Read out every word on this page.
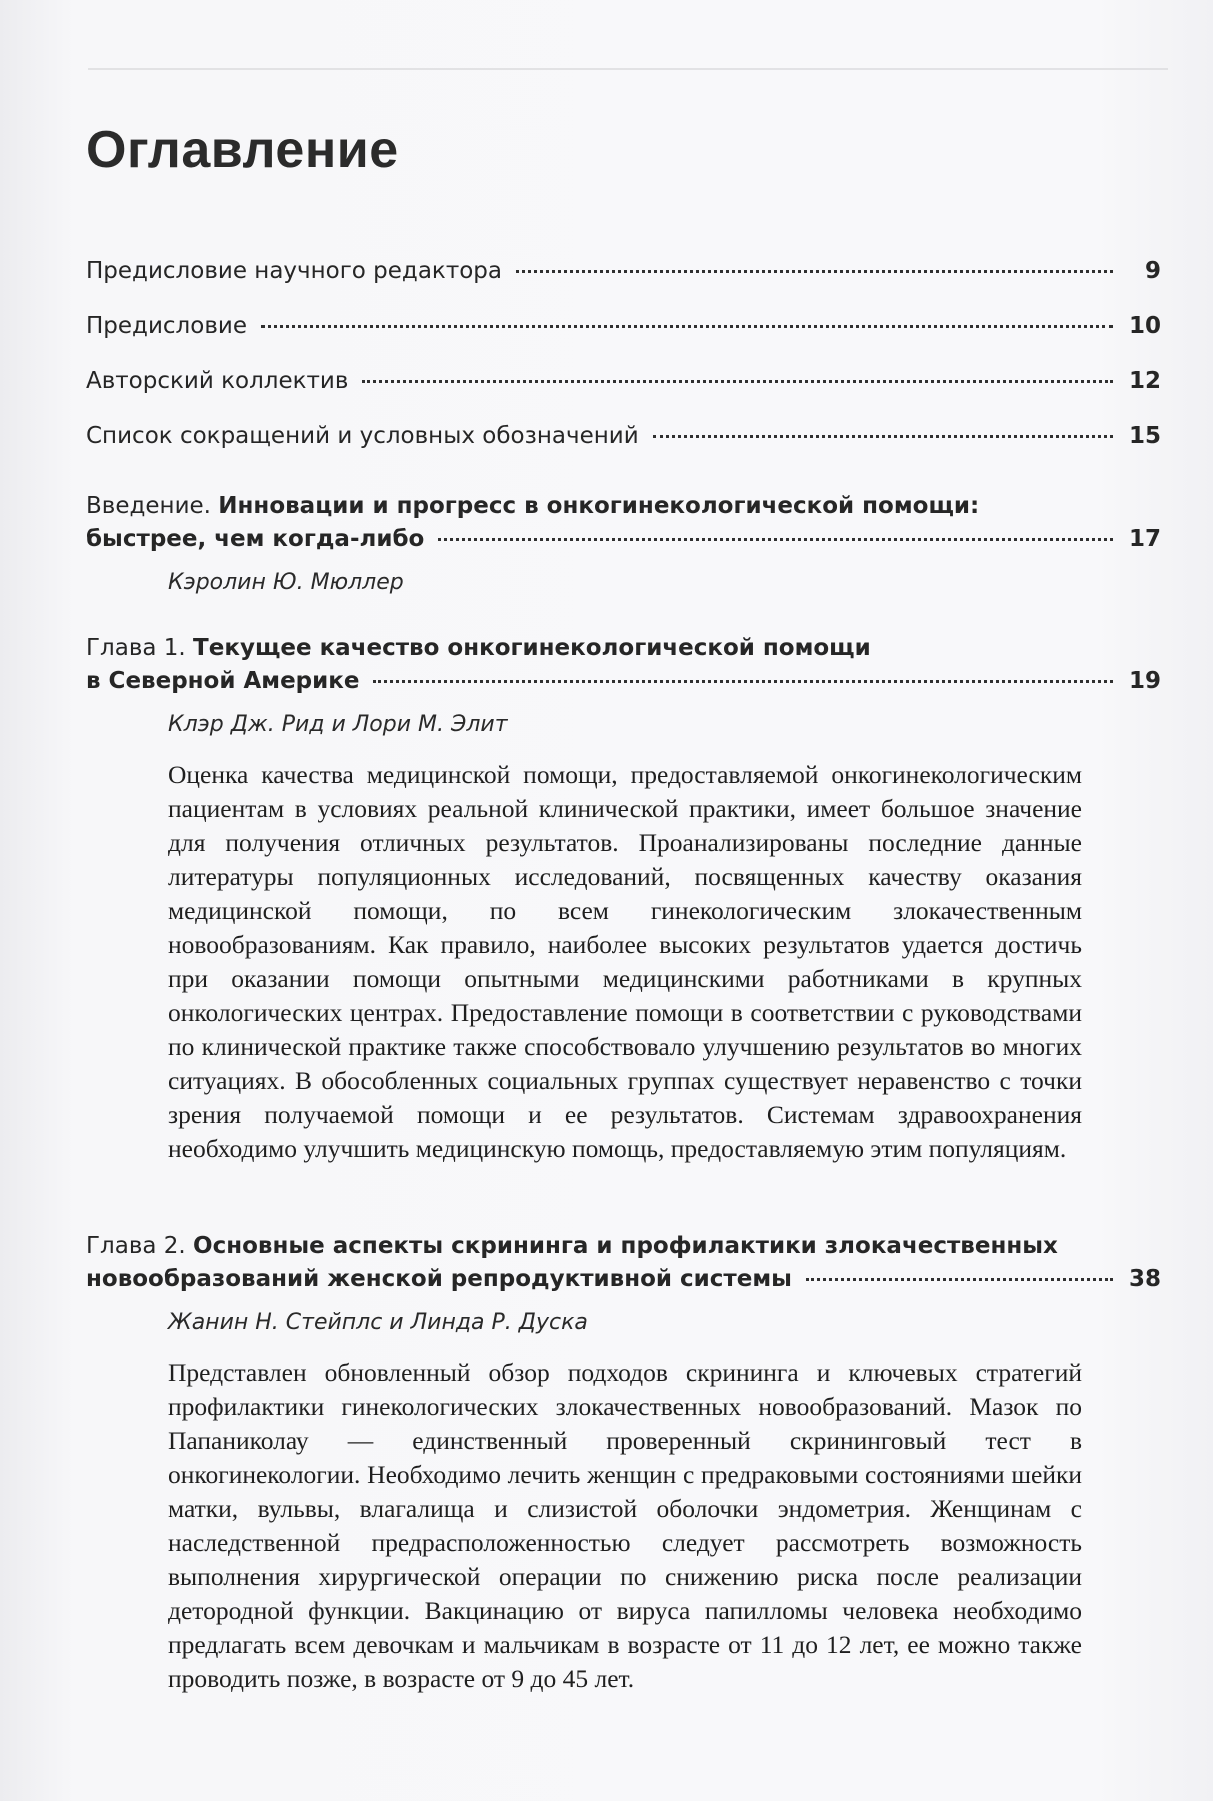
Оглавление
Предисловие научного редактора	9
Предисловие	10
Авторский коллектив	12
Список сокращений и условных обозначений	15
Введение. Инновации и прогресс в онкогинекологической помощи:
быстрее, чем когда-либо	17
Кэролин Ю. Мюллер
Глава 1. Текущее качество онкогинекологической помощи
в Северной Америке	19
Клэр Дж. Рид и Лори М. Элит

Оценка качества медицинской помощи, предоставляемой онкогинекологическим пациентам в условиях реальной клинической практики, имеет большое значение для получения отличных результатов. Проанализированы последние данные литературы популяционных исследований, посвященных качеству оказания медицинской помощи, по всем гинекологическим злокачественным новообразованиям. Как правило, наиболее высоких результатов удается достичь при оказании помощи опытными медицинскими работниками в крупных онкологических центрах. Предоставление помощи в соответствии с руководствами по клинической практике также способствовало улучшению результатов во многих ситуациях. В обособленных социальных группах существует неравенство с точки зрения получаемой помощи и ее результатов. Системам здравоохранения необходимо улучшить медицинскую помощь, предоставляемую этим популяциям.

Глава 2. Основные аспекты скрининга и профилактики злокачественных
новообразований женской репродуктивной системы	38
Жанин Н. Стейплс и Линда Р. Дуска

Представлен обновленный обзор подходов скрининга и ключевых стратегий профилактики гинекологических злокачественных новообразований. Мазок по Папаниколау — единственный проверенный скрининговый тест в онкогинекологии. Необходимо лечить женщин с предраковыми состояниями шейки матки, вульвы, влагалища и слизистой оболочки эндометрия. Женщинам с наследственной предрасположенностью следует рассмотреть возможность выполнения хирургической операции по снижению риска после реализации детородной функции. Вакцинацию от вируса папилломы человека необходимо предлагать всем девочкам и мальчикам в возрасте от 11 до 12 лет, ее можно также проводить позже, в возрасте от 9 до 45 лет.
